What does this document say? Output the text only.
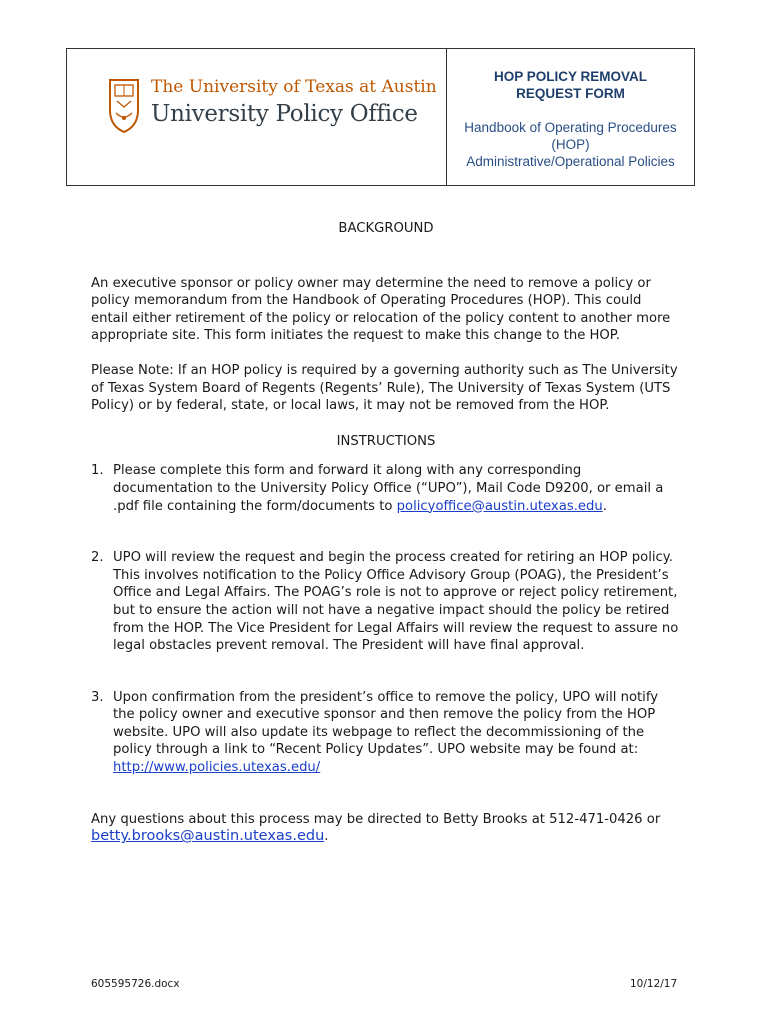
The University of Texas at Austin
University Policy Office
HOP POLICY REMOVAL
REQUEST FORM
Handbook of Operating Procedures
(HOP)
Administrative/Operational Policies

BACKGROUND

An executive sponsor or policy owner may determine the need to remove a policy or policy memorandum from the Handbook of Operating Procedures (HOP). This could entail either retirement of the policy or relocation of the policy content to another more appropriate site. This form initiates the request to make this change to the HOP.

Please Note: If an HOP policy is required by a governing authority such as The University of Texas System Board of Regents (Regents’ Rule), The University of Texas System (UTS Policy) or by federal, state, or local laws, it may not be removed from the HOP.

INSTRUCTIONS

1. Please complete this form and forward it along with any corresponding documentation to the University Policy Office (“UPO”), Mail Code D9200, or email a .pdf file containing the form/documents to policyoffice@austin.utexas.edu.
2. UPO will review the request and begin the process created for retiring an HOP policy. This involves notification to the Policy Office Advisory Group (POAG), the President’s Office and Legal Affairs. The POAG’s role is not to approve or reject policy retirement, but to ensure the action will not have a negative impact should the policy be retired from the HOP. The Vice President for Legal Affairs will review the request to assure no legal obstacles prevent removal. The President will have final approval.
3. Upon confirmation from the president’s office to remove the policy, UPO will notify the policy owner and executive sponsor and then remove the policy from the HOP website. UPO will also update its webpage to reflect the decommissioning of the policy through a link to “Recent Policy Updates”. UPO website may be found at: http://www.policies.utexas.edu/

Any questions about this process may be directed to Betty Brooks at 512-471-0426 or betty.brooks@austin.utexas.edu.

605595726.docx	10/12/17
